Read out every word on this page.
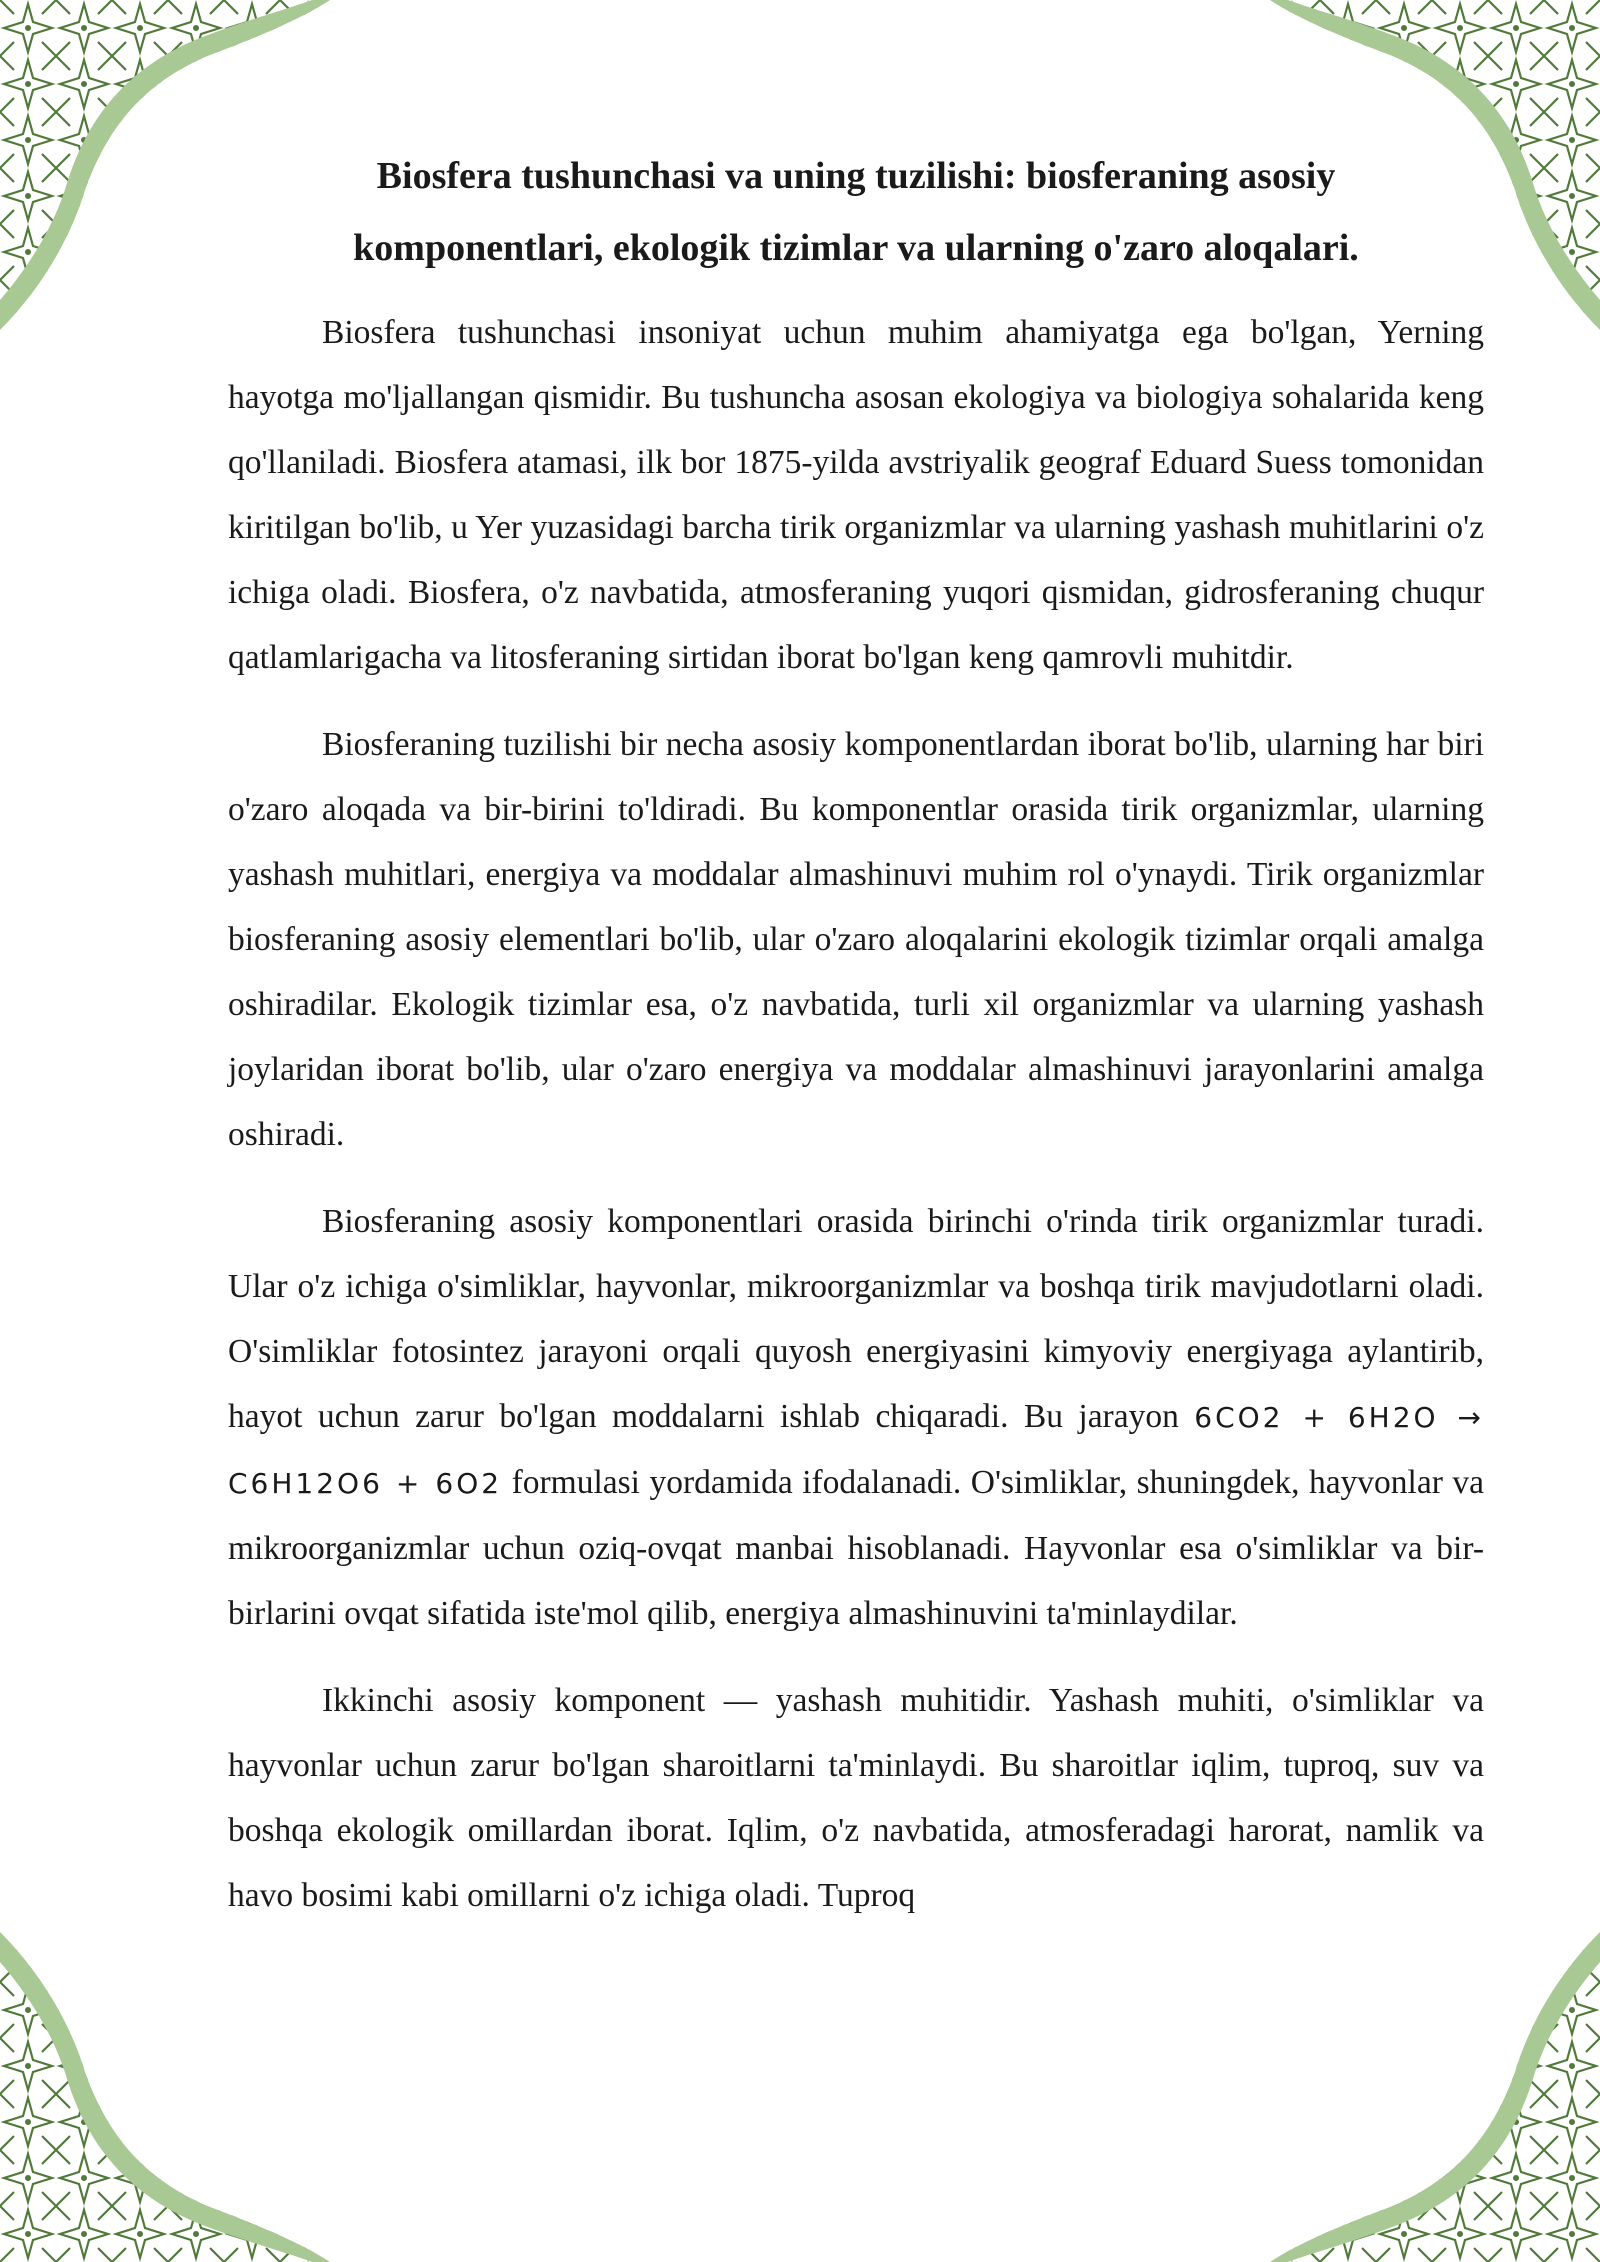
Biosfera tushunchasi va uning tuzilishi: biosferaning asosiy komponentlari, ekologik tizimlar va ularning o'zaro aloqalari.

Biosfera tushunchasi insoniyat uchun muhim ahamiyatga ega bo'lgan, Yerning hayotga mo'ljallangan qismidir. Bu tushuncha asosan ekologiya va biologiya sohalarida keng qo'llaniladi. Biosfera atamasi, ilk bor 1875-yilda avstriyalik geograf Eduard Suess tomonidan kiritilgan bo'lib, u Yer yuzasidagi barcha tirik organizmlar va ularning yashash muhitlarini o'z ichiga oladi. Biosfera, o'z navbatida, atmosferaning yuqori qismidan, gidrosferaning chuqur qatlamlarigacha va litosferaning sirtidan iborat bo'lgan keng qamrovli muhitdir.

Biosferaning tuzilishi bir necha asosiy komponentlardan iborat bo'lib, ularning har biri o'zaro aloqada va bir-birini to'ldiradi. Bu komponentlar orasida tirik organizmlar, ularning yashash muhitlari, energiya va moddalar almashinuvi muhim rol o'ynaydi. Tirik organizmlar biosferaning asosiy elementlari bo'lib, ular o'zaro aloqalarini ekologik tizimlar orqali amalga oshiradilar. Ekologik tizimlar esa, o'z navbatida, turli xil organizmlar va ularning yashash joylaridan iborat bo'lib, ular o'zaro energiya va moddalar almashinuvi jarayonlarini amalga oshiradi.

Biosferaning asosiy komponentlari orasida birinchi o'rinda tirik organizmlar turadi. Ular o'z ichiga o'simliklar, hayvonlar, mikroorganizmlar va boshqa tirik mavjudotlarni oladi. O'simliklar fotosintez jarayoni orqali quyosh energiyasini kimyoviy energiyaga aylantirib, hayot uchun zarur bo'lgan moddalarni ishlab chiqaradi. Bu jarayon 6CO2 + 6H2O → C6H12O6 + 6O2 formulasi yordamida ifodalanadi. O'simliklar, shuningdek, hayvonlar va mikroorganizmlar uchun oziq-ovqat manbai hisoblanadi. Hayvonlar esa o'simliklar va bir-birlarini ovqat sifatida iste'mol qilib, energiya almashinuvini ta'minlaydilar.

Ikkinchi asosiy komponent — yashash muhitidir. Yashash muhiti, o'simliklar va hayvonlar uchun zarur bo'lgan sharoitlarni ta'minlaydi. Bu sharoitlar iqlim, tuproq, suv va boshqa ekologik omillardan iborat. Iqlim, o'z navbatida, atmosferadagi harorat, namlik va havo bosimi kabi omillarni o'z ichiga oladi. Tuproq
